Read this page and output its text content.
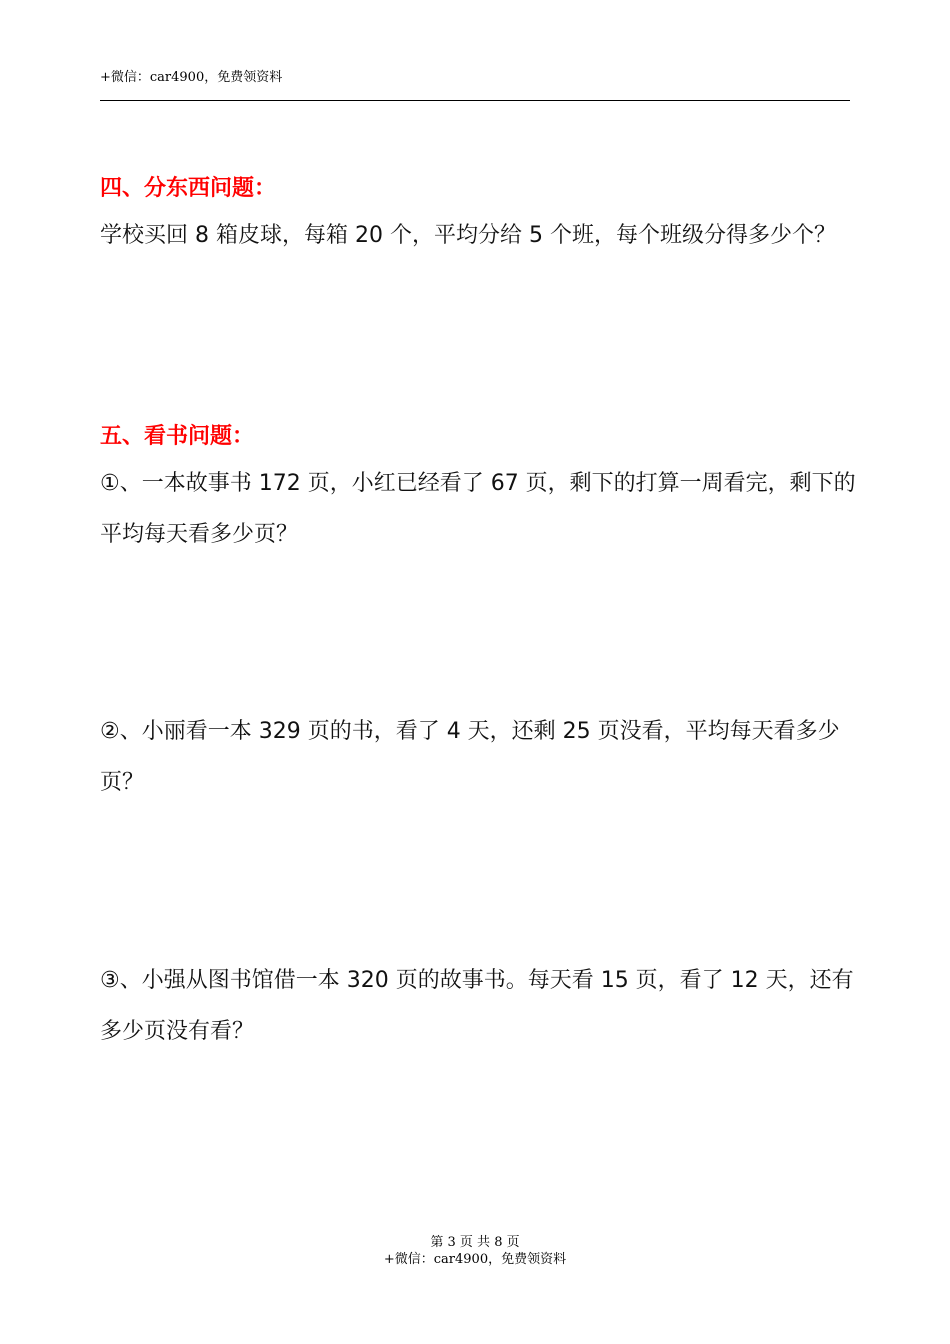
+微信：car4900，免费领资料
四、分东西问题：

学校买回 8 箱皮球，每箱 20 个，平均分给 5 个班，每个班级分得多少个？

五、看书问题：

①、一本故事书 172 页，小红已经看了 67 页，剩下的打算一周看完，剩下的平均每天看多少页？

②、小丽看一本 329 页的书，看了 4 天，还剩 25 页没看，平均每天看多少页？

③、小强从图书馆借一本 320 页的故事书。每天看 15 页，看了 12 天，还有多少页没有看？

第 3 页 共 8 页
+微信：car4900，免费领资料
